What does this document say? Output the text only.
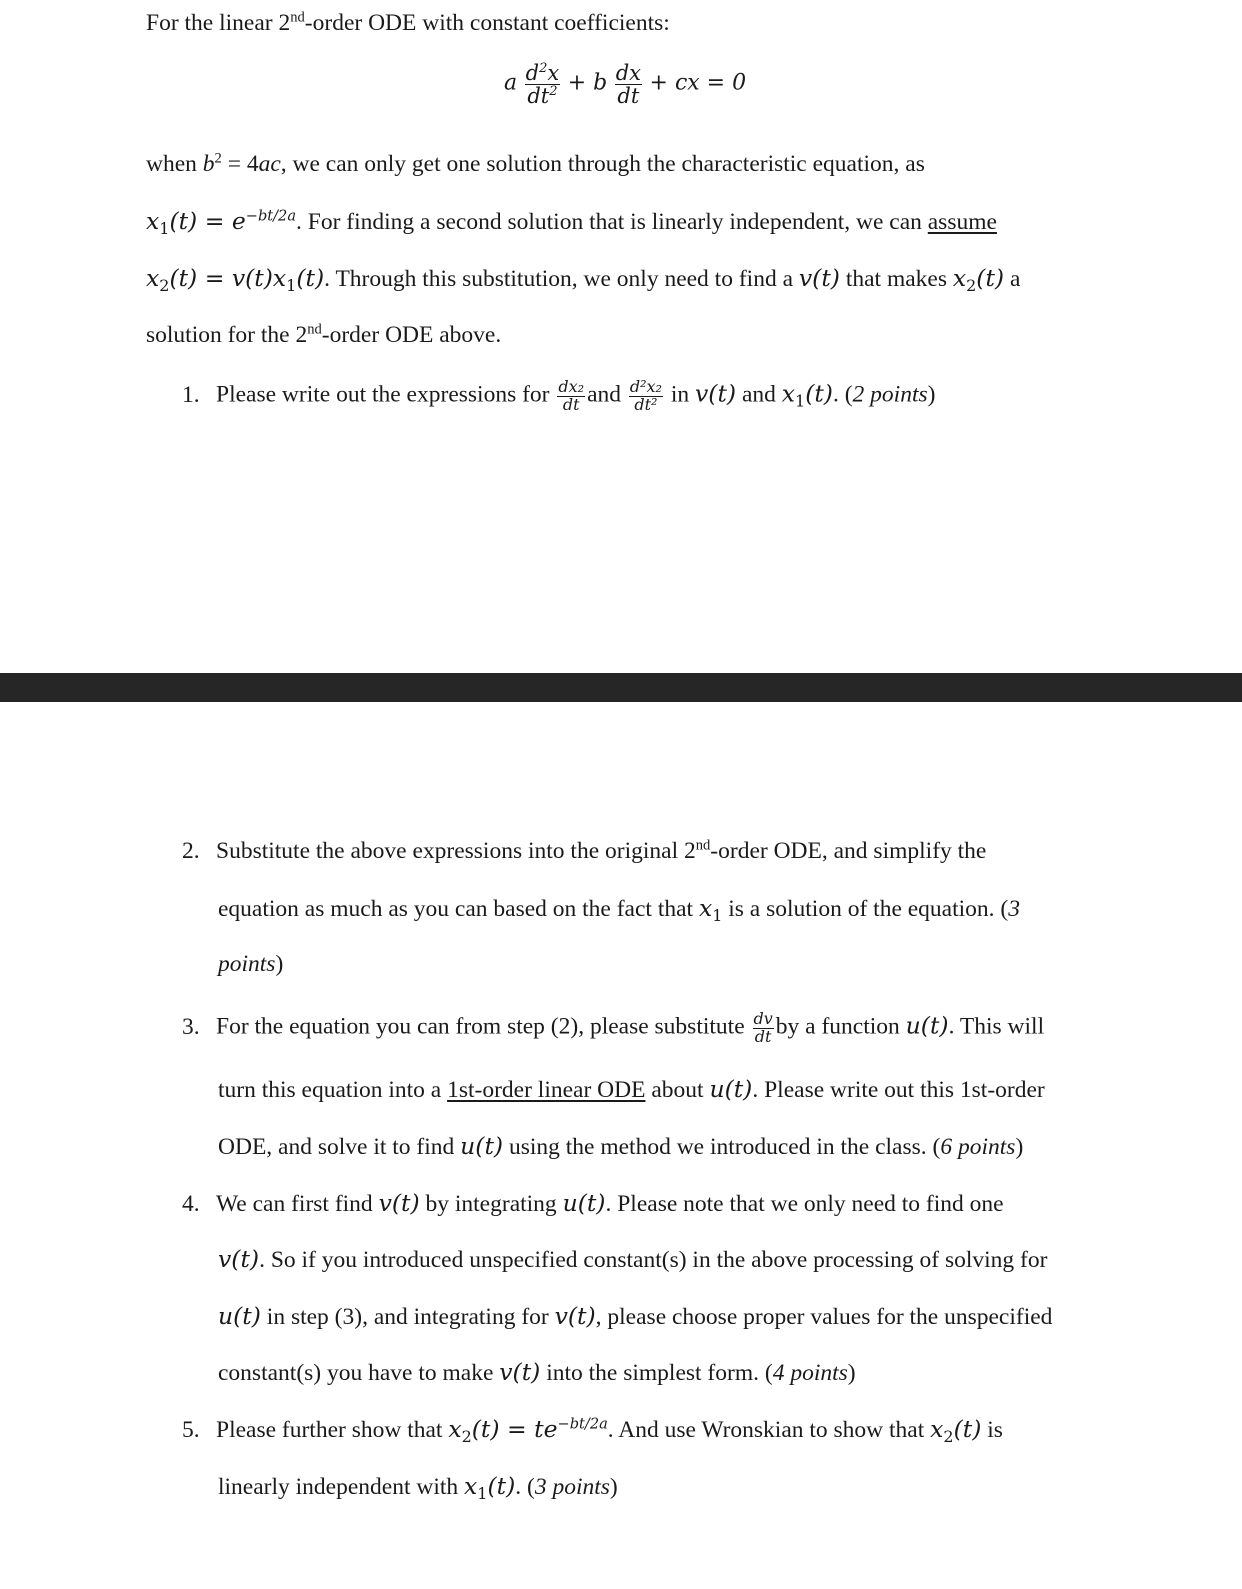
For the linear 2nd-order ODE with constant coefficients:
a $\frac{d^2x}{dt^2} + b \frac{dx}{dt}$ + cx = 0
when $b^2 = 4ac$, we can only get one solution through the characteristic equation, as
$x_1(t) = e^{-bt/2a}$. For finding a second solution that is linearly independent, we can assume
$x_2(t) = v(t)x_1(t)$. Through this substitution, we only need to find a v(t) that makes $x_2(t)$ a
solution for the 2nd-order ODE above.
1. Please write out the expressions for $\frac{\text{dx₂}}{dt}$ and $\frac{\text{d²x₂}}{\text{dt²}}$ in v(t) and $x_1(t)$. (2 points)
2. Substitute the above expressions into the original 2nd-order ODE, and simplify the
equation as much as you can based on the fact that $x_1$ is a solution of the equation. (3
points)
3. For the equation you can from step (2), please substitute $\frac{dv}{dt}$ by a function u(t). This will
turn this equation into a 1st-order linear ODE about u(t). Please write out this 1st-order
ODE, and solve it to find u(t) using the method we introduced in the class. (6 points)
4. We can first find v(t) by integrating u(t). Please note that we only need to find one
v(t). So if you introduced unspecified constant(s) in the above processing of solving for
u(t) in step (3), and integrating for v(t), please choose proper values for the unspecified
constant(s) you have to make v(t) into the simplest form. (4 points)
5. Please further show that $x_2(t) = te^{-bt/2a}$. And use Wronskian to show that $x_2(t)$ is
linearly independent with $x_1(t)$. (3 points)
